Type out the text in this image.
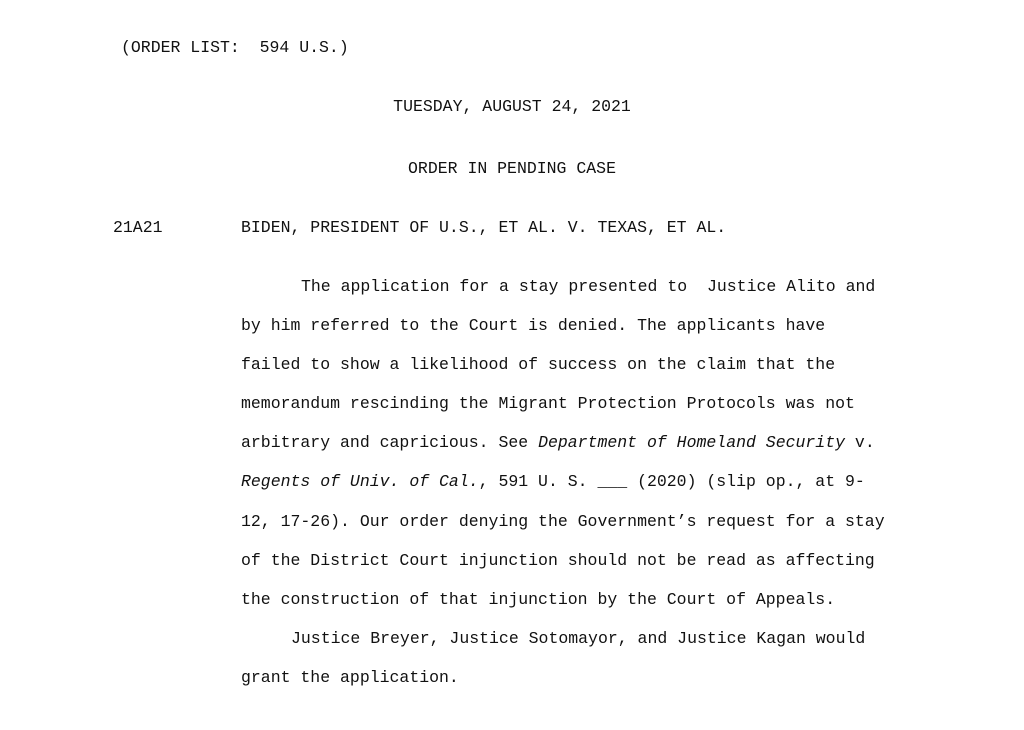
(ORDER LIST:  594 U.S.)
TUESDAY, AUGUST 24, 2021
ORDER IN PENDING CASE
21A21	BIDEN, PRESIDENT OF U.S., ET AL. V. TEXAS, ET AL.
The application for a stay presented to  Justice Alito and
by him referred to the Court is denied. The applicants have
failed to show a likelihood of success on the claim that the
memorandum rescinding the Migrant Protection Protocols was not
arbitrary and capricious. See Department of Homeland Security v.
Regents of Univ. of Cal., 591 U. S. ___ (2020) (slip op., at 9-
12, 17-26). Our order denying the Government’s request for a stay
of the District Court injunction should not be read as affecting
the construction of that injunction by the Court of Appeals.
Justice Breyer, Justice Sotomayor, and Justice Kagan would
grant the application.
